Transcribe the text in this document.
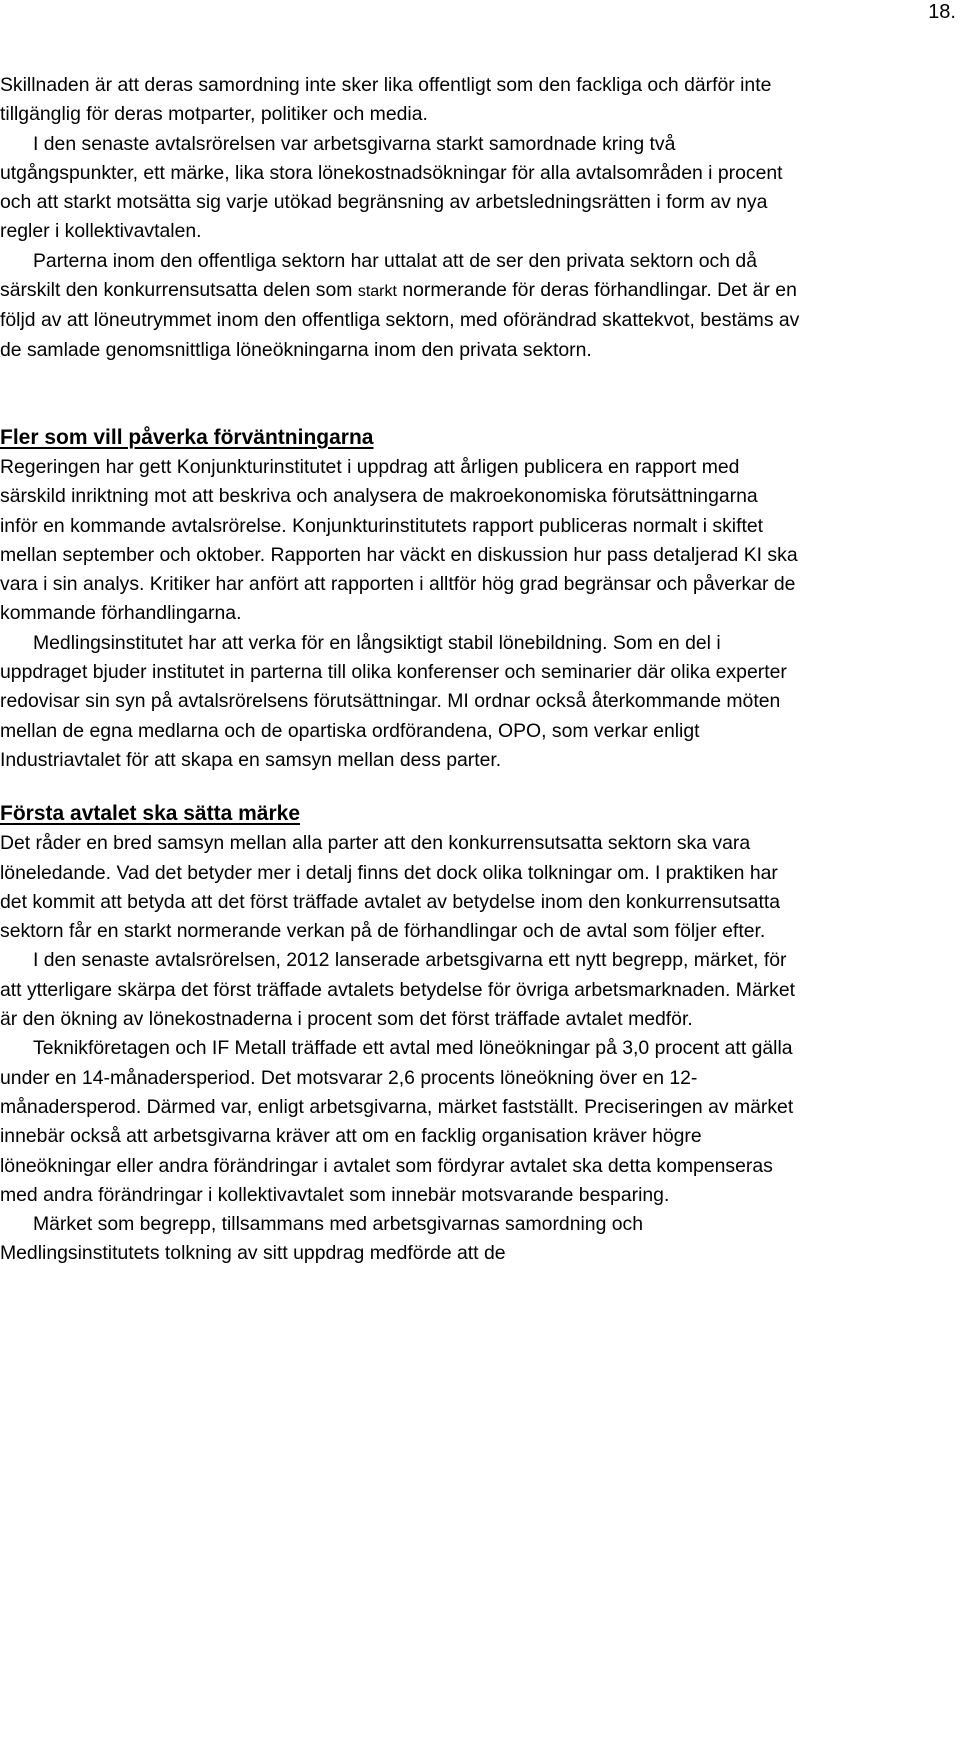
18.

Skillnaden är att deras samordning inte sker lika offentligt som den fackliga och därför inte tillgänglig för deras motparter, politiker och media.

I den senaste avtalsrörelsen var arbetsgivarna starkt samordnade kring två utgångspunkter, ett märke, lika stora lönekostnadsökningar för alla avtalsområden i procent och att starkt motsätta sig varje utökad begränsning av arbetsledningsrätten i form av nya regler i kollektivavtalen.

Parterna inom den offentliga sektorn har uttalat att de ser den privata sektorn och då särskilt den konkurrensutsatta delen som starkt normerande för deras förhandlingar. Det är en följd av att löneutrymmet inom den offentliga sektorn, med oförändrad skattekvot, bestäms av de samlade genomsnittliga löneökningarna inom den privata sektorn.

Fler som vill påverka förväntningarna

Regeringen har gett Konjunkturinstitutet i uppdrag att årligen publicera en rapport med särskild inriktning mot att beskriva och analysera de makroekonomiska förutsättningarna inför en kommande avtalsrörelse. Konjunkturinstitutets rapport publiceras normalt i skiftet mellan september och oktober. Rapporten har väckt en diskussion hur pass detaljerad KI ska vara i sin analys. Kritiker har anfört att rapporten i alltför hög grad begränsar och påverkar de kommande förhandlingarna.

Medlingsinstitutet har att verka för en långsiktigt stabil lönebildning. Som en del i uppdraget bjuder institutet in parterna till olika konferenser och seminarier där olika experter redovisar sin syn på avtalsrörelsens förutsättningar. MI ordnar också återkommande möten mellan de egna medlarna och de opartiska ordförandena, OPO, som verkar enligt Industriavtalet för att skapa en samsyn mellan dess parter.

Första avtalet ska sätta märke

Det råder en bred samsyn mellan alla parter att den konkurrensutsatta sektorn ska vara löneledande. Vad det betyder mer i detalj finns det dock olika tolkningar om. I praktiken har det kommit att betyda att det först träffade avtalet av betydelse inom den konkurrensutsatta sektorn får en starkt normerande verkan på de förhandlingar och de avtal som följer efter.

I den senaste avtalsrörelsen, 2012 lanserade arbetsgivarna ett nytt begrepp, märket, för att ytterligare skärpa det först träffade avtalets betydelse för övriga arbetsmarknaden. Märket är den ökning av lönekostnaderna i procent som det först träffade avtalet medför.

Teknikföretagen och IF Metall träffade ett avtal med löneökningar på 3,0 procent att gälla under en 14-månadersperiod. Det motsvarar 2,6 procents löneökning över en 12-månadersperod. Därmed var, enligt arbetsgivarna, märket fastställt. Preciseringen av märket innebär också att arbetsgivarna kräver att om en facklig organisation kräver högre löneökningar eller andra förändringar i avtalet som fördyrar avtalet ska detta kompenseras med andra förändringar i kollektivavtalet som innebär motsvarande besparing.

Märket som begrepp, tillsammans med arbetsgivarnas samordning och Medlingsinstitutets tolkning av sitt uppdrag medförde att de
